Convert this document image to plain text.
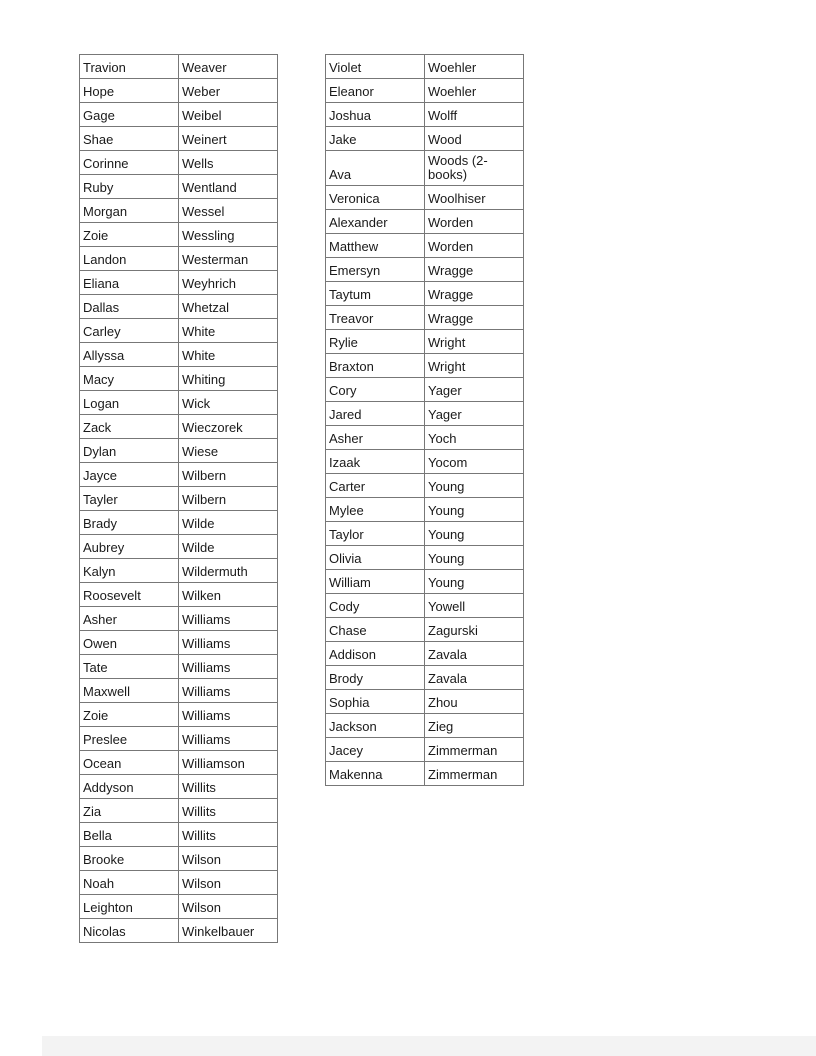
Travion	Weaver
Hope	Weber
Gage	Weibel
Shae	Weinert
Corinne	Wells
Ruby	Wentland
Morgan	Wessel
Zoie	Wessling
Landon	Westerman
Eliana	Weyhrich
Dallas	Whetzal
Carley	White
Allyssa	White
Macy	Whiting
Logan	Wick
Zack	Wieczorek
Dylan	Wiese
Jayce	Wilbern
Tayler	Wilbern
Brady	Wilde
Aubrey	Wilde
Kalyn	Wildermuth
Roosevelt	Wilken
Asher	Williams
Owen	Williams
Tate	Williams
Maxwell	Williams
Zoie	Williams
Preslee	Williams
Ocean	Williamson
Addyson	Willits
Zia	Willits
Bella	Willits
Brooke	Wilson
Noah	Wilson
Leighton	Wilson
Nicolas	Winkelbauer
Violet	Woehler
Eleanor	Woehler
Joshua	Wolff
Jake	Wood
Ava	Woods (2-books)
Veronica	Woolhiser
Alexander	Worden
Matthew	Worden
Emersyn	Wragge
Taytum	Wragge
Treavor	Wragge
Rylie	Wright
Braxton	Wright
Cory	Yager
Jared	Yager
Asher	Yoch
Izaak	Yocom
Carter	Young
Mylee	Young
Taylor	Young
Olivia	Young
William	Young
Cody	Yowell
Chase	Zagurski
Addison	Zavala
Brody	Zavala
Sophia	Zhou
Jackson	Zieg
Jacey	Zimmerman
Makenna	Zimmerman
